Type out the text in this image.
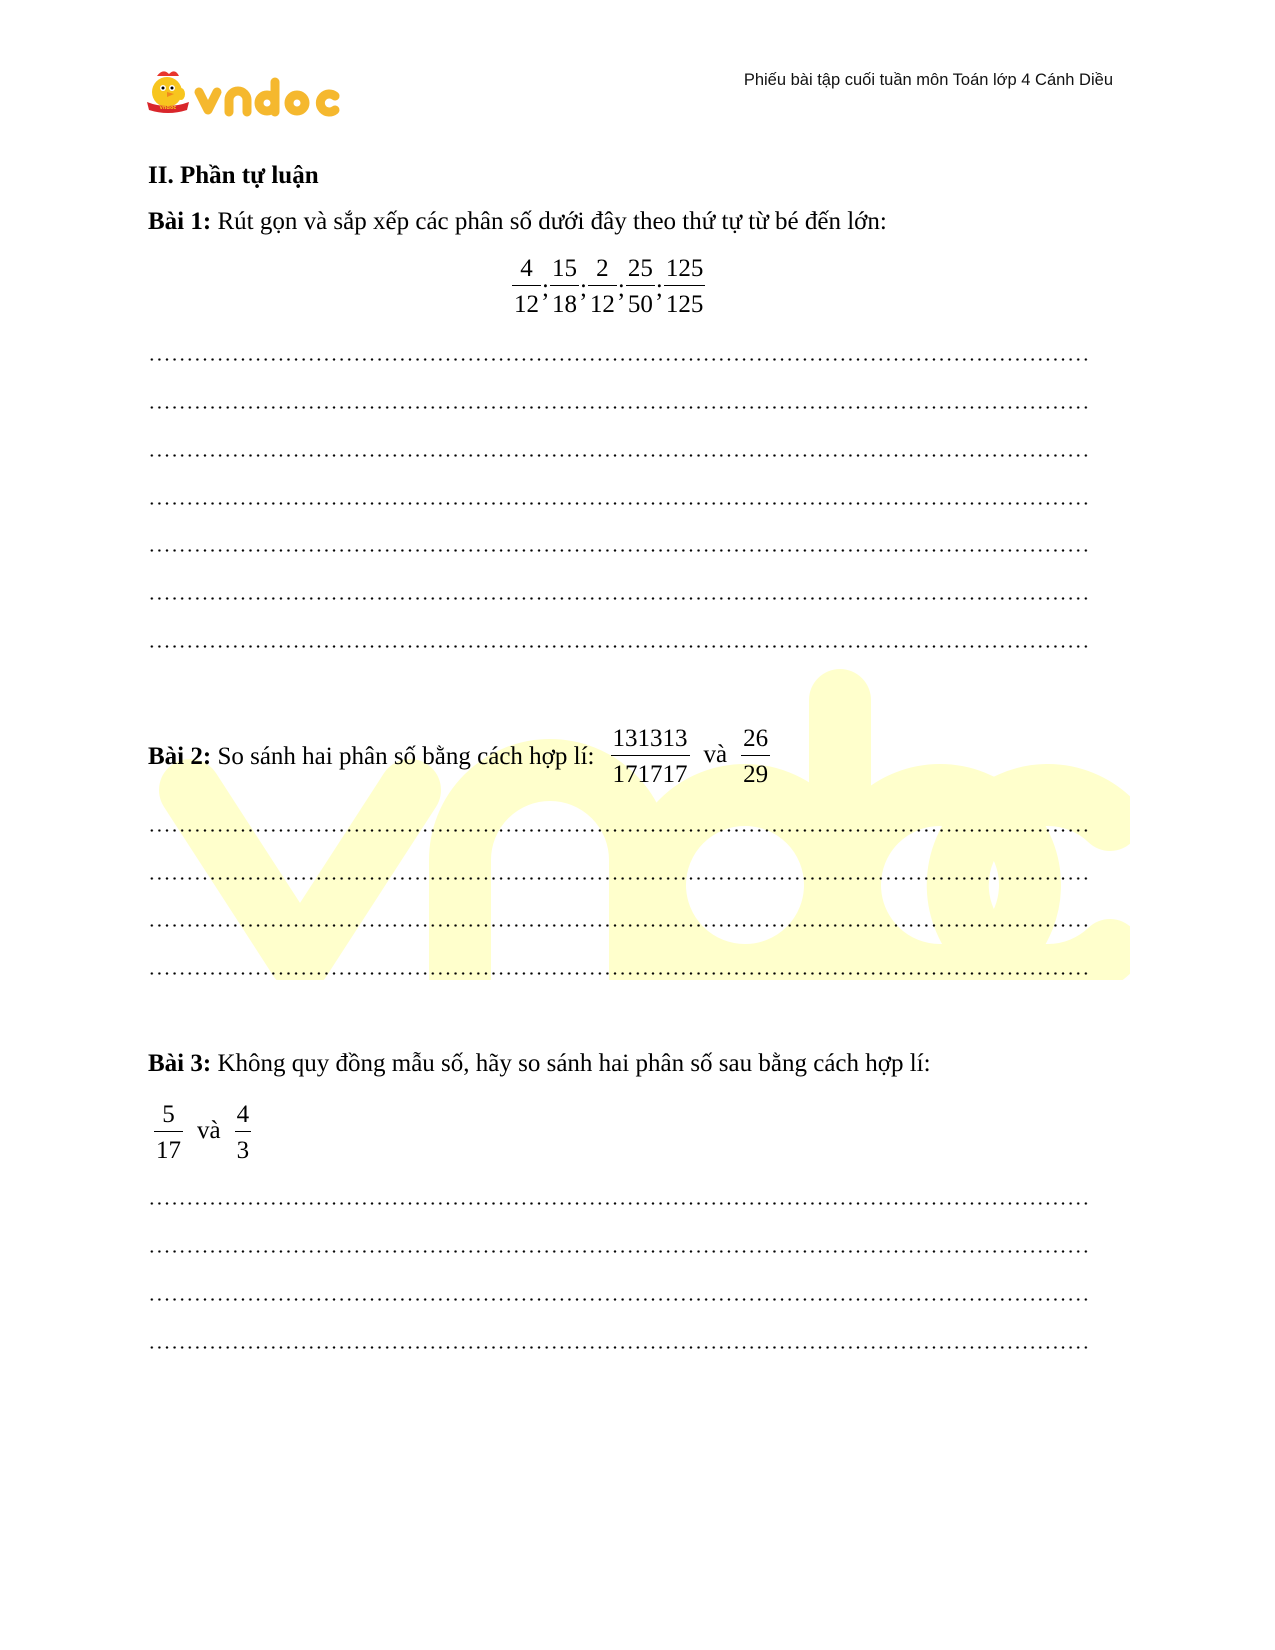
vndoc
Phiếu bài tập cuối tuần môn Toán lớp 4 Cánh Diều
II. Phần tự luận
Bài 1: Rút gọn và sắp xếp các phân số dưới đây theo thứ tự từ bé đến lớn:
$\frac{4}{12}$ ; $\frac{15}{18}$ ; $\frac{2}{12}$ ; $\frac{25}{50}$ ; $\frac{125}{125}$
Bài 2: So sánh hai phân số bằng cách hợp lí: $\frac{131313}{171717}$ và $\frac{26}{29}$
Bài 3: Không quy đồng mẫu số, hãy so sánh hai phân số sau bằng cách hợp lí:
$\frac{5}{17}$ và $\frac{4}{3}$
